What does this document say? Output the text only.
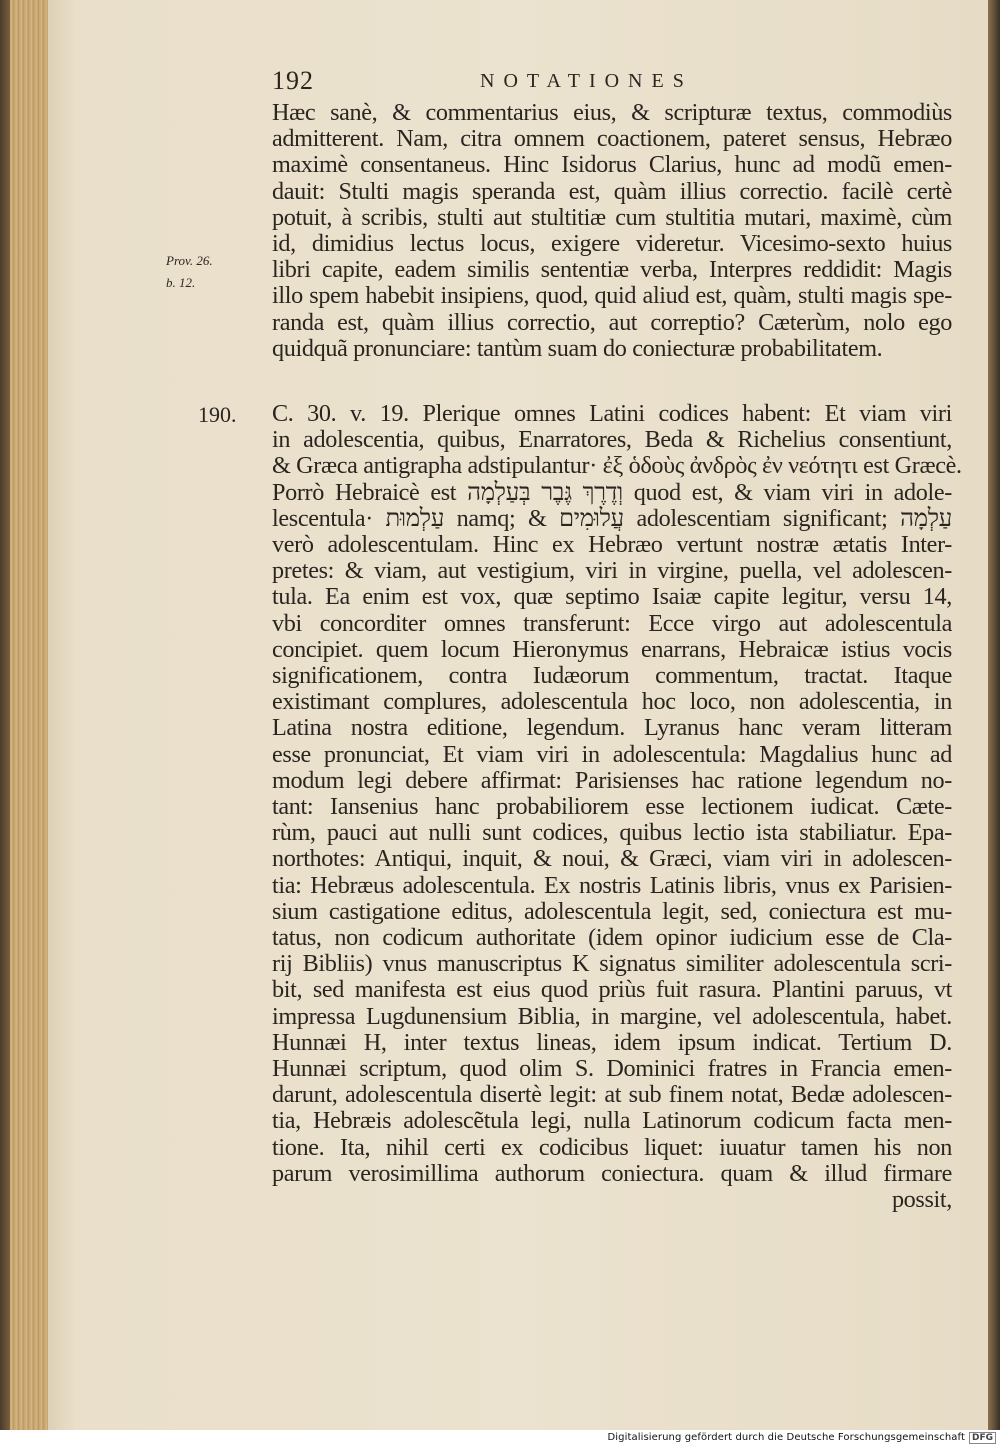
192	NOTATIONES
Prov. 26.
b. 12.
190.
Hæc sanè, & commentarius eius, & scripturæ textus, commodiùs
admitterent. Nam, citra omnem coactionem, pateret sensus, Hebræo
maximè consentaneus. Hinc Isidorus Clarius, hunc ad modũ emen-
dauit: Stulti magis speranda est, quàm illius correctio. facilè certè
potuit, à scribis, stulti aut stultitiæ cum stultitia mutari, maximè, cùm
id, dimidius lectus locus, exigere videretur. Vicesimo-sexto huius
libri capite, eadem similis sententiæ verba, Interpres reddidit: Magis
illo spem habebit insipiens, quod, quid aliud est, quàm, stulti magis spe-
randa est, quàm illius correctio, aut correptio? Cæterùm, nolo ego
quidquã pronunciare: tantùm suam do coniecturæ probabilitatem.
C. 30. v. 19. Plerique omnes Latini codices habent: Et viam viri
in adolescentia, quibus, Enarratores, Beda & Richelius consentiunt,
& Græca antigrapha adstipulantur· ἐξ ὁδοὺς ἀνδρὸς ἐν νεότητι est Græcè.
Porrò Hebraicè est וְדֶרֶךְ גֶּבֶר בְּעַלְמָה quod est, & viam viri in adole-
lescentula· עַלְמוּת namq; & עֲלוּמִים adolescentiam significant; עַלְמָה
verò adolescentulam. Hinc ex Hebræo vertunt nostræ ætatis Inter-
pretes: & viam, aut vestigium, viri in virgine, puella, vel adolescen-
tula. Ea enim est vox, quæ septimo Isaiæ capite legitur, versu 14,
vbi concorditer omnes transferunt: Ecce virgo aut adolescentula
concipiet. quem locum Hieronymus enarrans, Hebraicæ istius vocis
significationem, contra Iudæorum commentum, tractat. Itaque
existimant complures, adolescentula hoc loco, non adolescentia, in
Latina nostra editione, legendum. Lyranus hanc veram litteram
esse pronunciat, Et viam viri in adolescentula: Magdalius hunc ad
modum legi debere affirmat: Parisienses hac ratione legendum no-
tant: Iansenius hanc probabiliorem esse lectionem iudicat. Cæte-
rùm, pauci aut nulli sunt codices, quibus lectio ista stabiliatur. Epa-
northotes: Antiqui, inquit, & noui, & Græci, viam viri in adolescen-
tia: Hebræus adolescentula. Ex nostris Latinis libris, vnus ex Parisien-
sium castigatione editus, adolescentula legit, sed, coniectura est mu-
tatus, non codicum authoritate (idem opinor iudicium esse de Cla-
rij Bibliis) vnus manuscriptus K signatus similiter adolescentula scri-
bit, sed manifesta est eius quod priùs fuit rasura. Plantini paruus, vt
impressa Lugdunensium Biblia, in margine, vel adolescentula, habet.
Hunnæi H, inter textus lineas, idem ipsum indicat. Tertium D.
Hunnæi scriptum, quod olim S. Dominici fratres in Francia emen-
darunt, adolescentula disertè legit: at sub finem notat, Bedæ adolescen-
tia, Hebræis adolescẽtula legi, nulla Latinorum codicum facta men-
tione. Ita, nihil certi ex codicibus liquet: iuuatur tamen his non
parum verosimillima authorum coniectura. quam & illud firmare
possit,
Digitalisierung gefördert durch die Deutsche Forschungsgemeinschaft DFG
